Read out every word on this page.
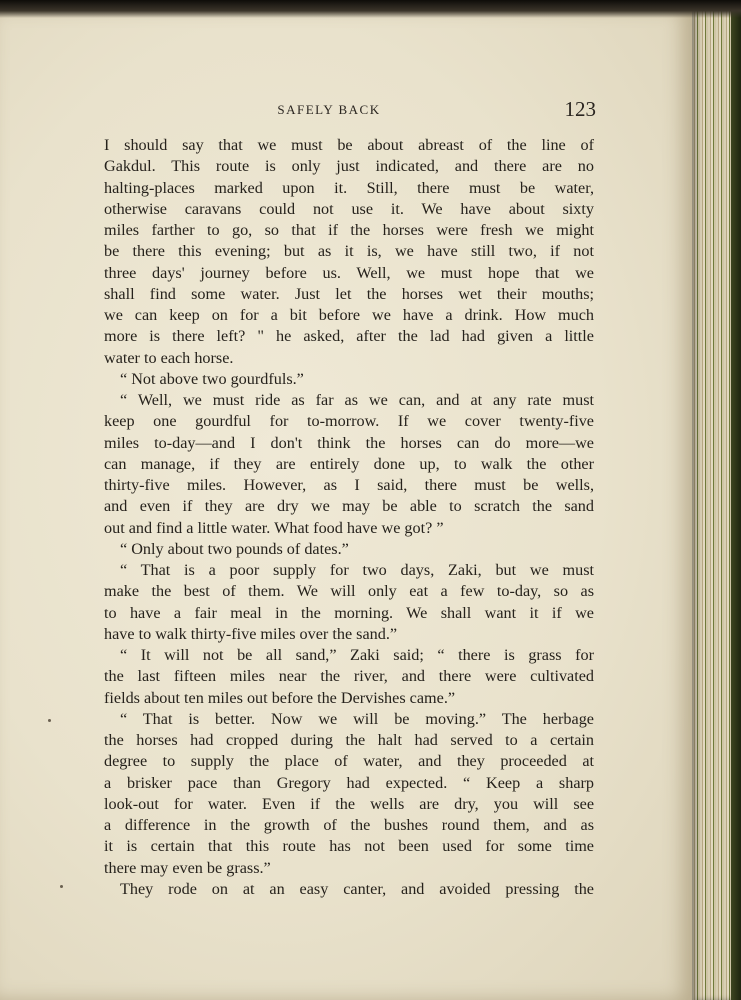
SAFELY BACK	123
I should say that we must be about abreast of the line of
Gakdul. This route is only just indicated, and there are no
halting-places marked upon it. Still, there must be water,
otherwise caravans could not use it. We have about sixty
miles farther to go, so that if the horses were fresh we might
be there this evening; but as it is, we have still two, if not
three days' journey before us. Well, we must hope that we
shall find some water. Just let the horses wet their mouths;
we can keep on for a bit before we have a drink. How much
more is there left? " he asked, after the lad had given a little
water to each horse.
“ Not above two gourdfuls.”
“ Well, we must ride as far as we can, and at any rate must
keep one gourdful for to-morrow. If we cover twenty-five
miles to-day—and I don't think the horses can do more—we
can manage, if they are entirely done up, to walk the other
thirty-five miles. However, as I said, there must be wells,
and even if they are dry we may be able to scratch the sand
out and find a little water. What food have we got? ”
“ Only about two pounds of dates.”
“ That is a poor supply for two days, Zaki, but we must
make the best of them. We will only eat a few to-day, so as
to have a fair meal in the morning. We shall want it if we
have to walk thirty-five miles over the sand.”
“ It will not be all sand,” Zaki said; “ there is grass for
the last fifteen miles near the river, and there were cultivated
fields about ten miles out before the Dervishes came.”
“ That is better. Now we will be moving.” The herbage
the horses had cropped during the halt had served to a certain
degree to supply the place of water, and they proceeded at
a brisker pace than Gregory had expected. “ Keep a sharp
look-out for water. Even if the wells are dry, you will see
a difference in the growth of the bushes round them, and as
it is certain that this route has not been used for some time
there may even be grass.”
They rode on at an easy canter, and avoided pressing the
